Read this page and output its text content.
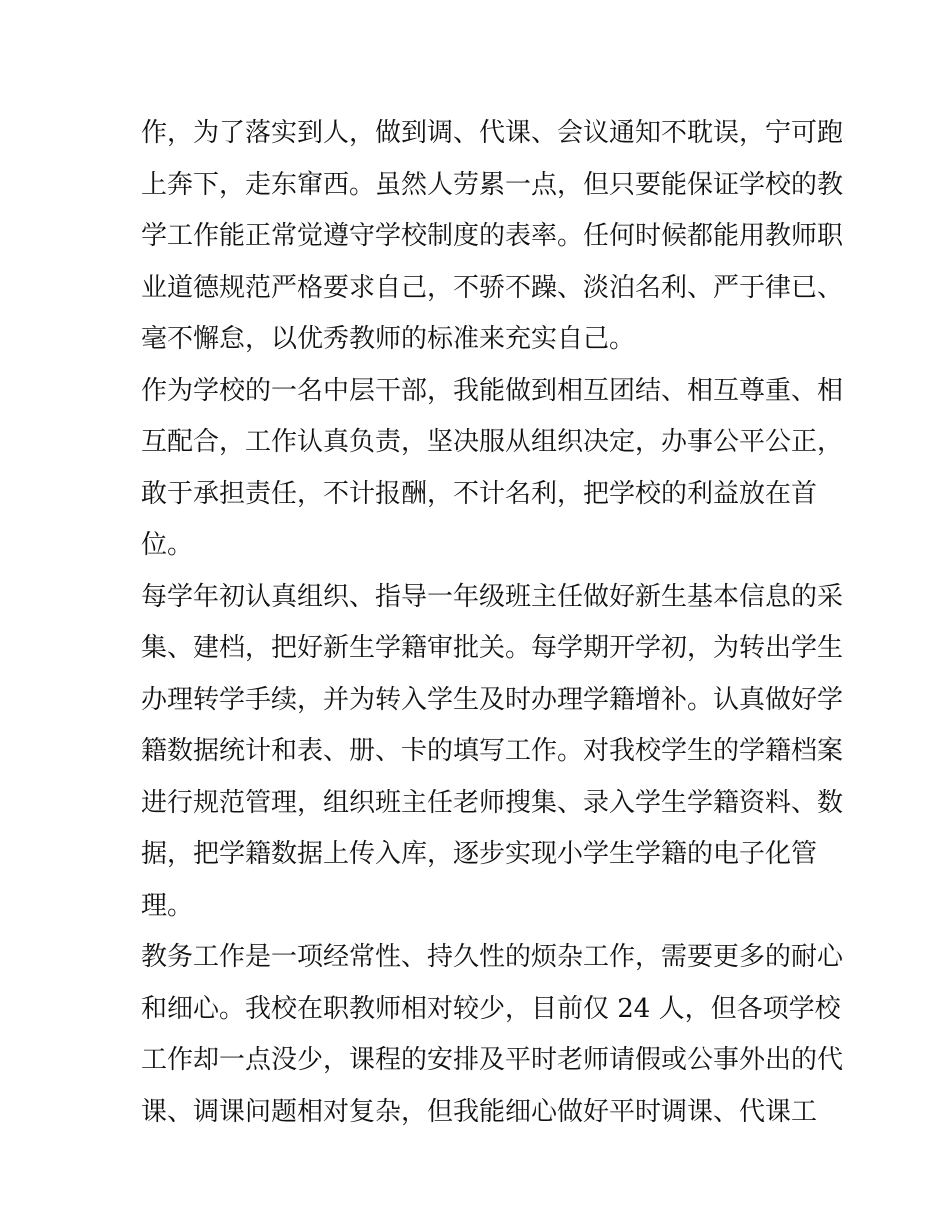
作，为了落实到人，做到调、代课、会议通知不耽误，宁可跑
上奔下，走东窜西。虽然人劳累一点，但只要能保证学校的教
学工作能正常觉遵守学校制度的表率。任何时候都能用教师职
业道德规范严格要求自己，不骄不躁、淡泊名利、严于律已、
毫不懈怠，以优秀教师的标准来充实自己。
作为学校的一名中层干部，我能做到相互团结、相互尊重、相
互配合，工作认真负责，坚决服从组织决定，办事公平公正，
敢于承担责任，不计报酬，不计名利，把学校的利益放在首
位。
每学年初认真组织、指导一年级班主任做好新生基本信息的采
集、建档，把好新生学籍审批关。每学期开学初，为转出学生
办理转学手续，并为转入学生及时办理学籍增补。认真做好学
籍数据统计和表、册、卡的填写工作。对我校学生的学籍档案
进行规范管理，组织班主任老师搜集、录入学生学籍资料、数
据，把学籍数据上传入库，逐步实现小学生学籍的电子化管
理。
教务工作是一项经常性、持久性的烦杂工作，需要更多的耐心
和细心。我校在职教师相对较少，目前仅 24 人，但各项学校
工作却一点没少，课程的安排及平时老师请假或公事外出的代
课、调课问题相对复杂，但我能细心做好平时调课、代课工
